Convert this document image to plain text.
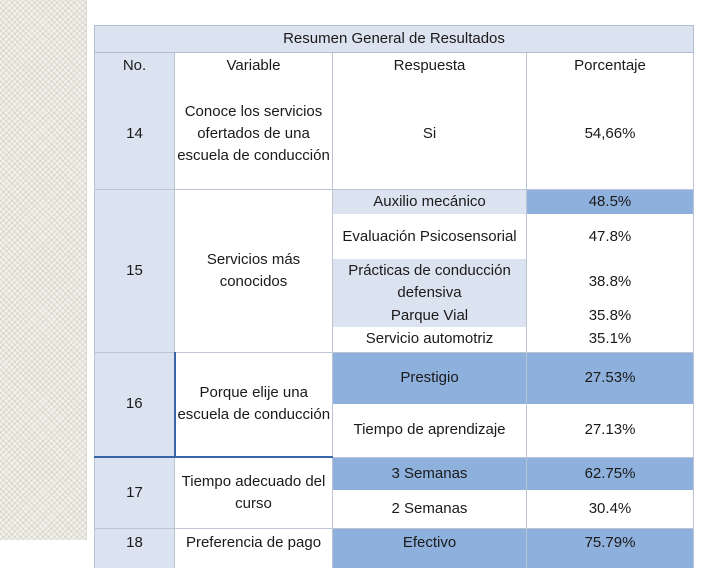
Resumen General de Resultados			
No.	Variable	Respuesta	Porcentaje
14	Conoce los servicios ofertados de una escuela de conducción	Si	54,66%
15	Servicios más conocidos	Auxilio mecánico	48.5%
		Evaluación Psicosensorial	47.8%
		Prácticas de conducción defensiva	38.8%
		Parque Vial	35.8%
		Servicio automotriz	35.1%
16	Porque elije una escuela de conducción	Prestigio	27.53%
		Tiempo de aprendizaje	27.13%
17	Tiempo adecuado del curso	3 Semanas	62.75%
		2 Semanas	30.4%
18	Preferencia de pago	Efectivo	75.79%
